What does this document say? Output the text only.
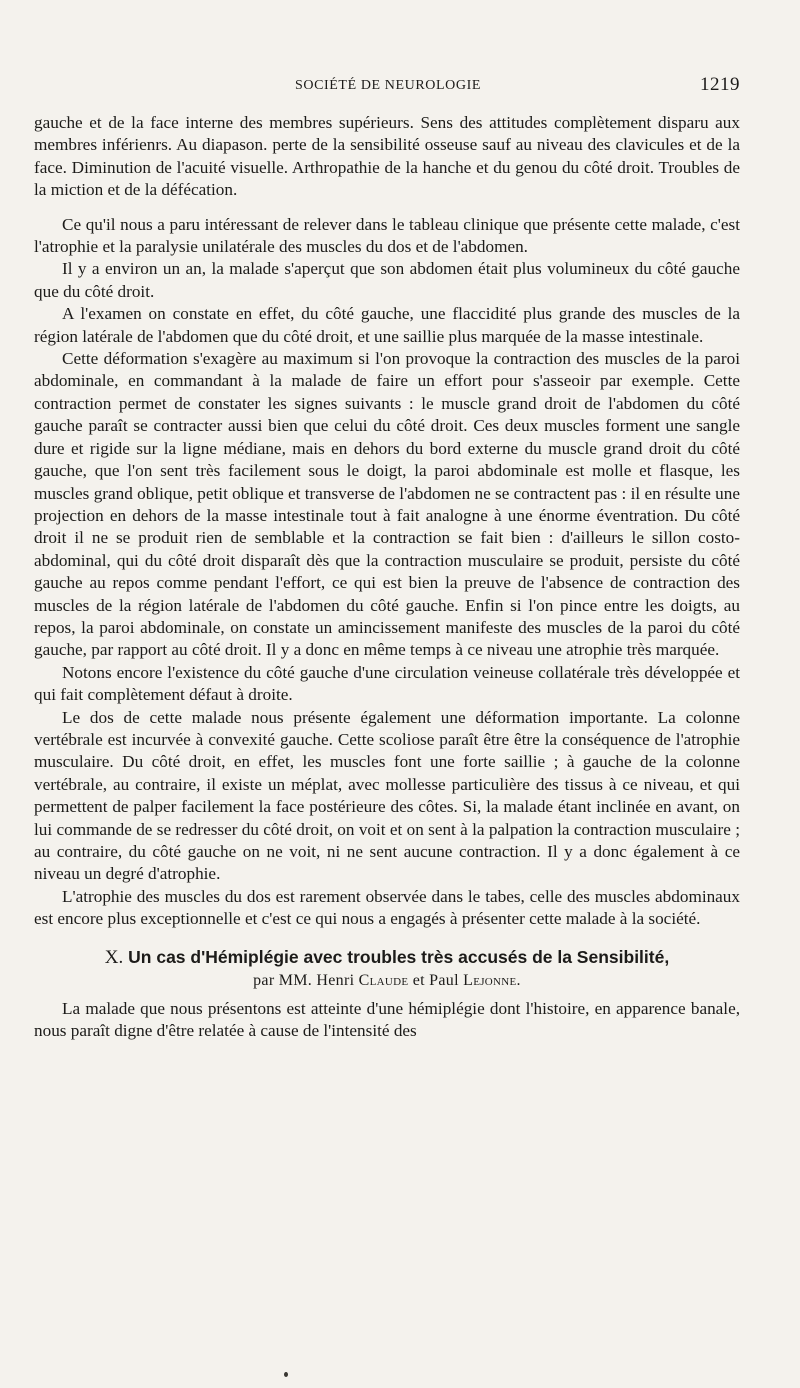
SOCIÉTÉ DE NEUROLOGIE	1219

gauche et de la face interne des membres supérieurs. Sens des attitudes complètement disparu aux membres inférienrs. Au diapason. perte de la sensibilité osseuse sauf au niveau des clavicules et de la face. Diminution de l'acuité visuelle. Arthropathie de la hanche et du genou du côté droit. Troubles de la miction et de la défécation.

Ce qu'il nous a paru intéressant de relever dans le tableau clinique que présente cette malade, c'est l'atrophie et la paralysie unilatérale des muscles du dos et de l'abdomen.

Il y a environ un an, la malade s'aperçut que son abdomen était plus volumineux du côté gauche que du côté droit.

A l'examen on constate en effet, du côté gauche, une flaccidité plus grande des muscles de la région latérale de l'abdomen que du côté droit, et une saillie plus marquée de la masse intestinale.

Cette déformation s'exagère au maximum si l'on provoque la contraction des muscles de la paroi abdominale, en commandant à la malade de faire un effort pour s'asseoir par exemple. Cette contraction permet de constater les signes suivants : le muscle grand droit de l'abdomen du côté gauche paraît se contracter aussi bien que celui du côté droit. Ces deux muscles forment une sangle dure et rigide sur la ligne médiane, mais en dehors du bord externe du muscle grand droit du côté gauche, que l'on sent très facilement sous le doigt, la paroi abdominale est molle et flasque, les muscles grand oblique, petit oblique et transverse de l'abdomen ne se contractent pas : il en résulte une projection en dehors de la masse intestinale tout à fait analogne à une énorme éventration. Du côté droit il ne se produit rien de semblable et la contraction se fait bien : d'ailleurs le sillon costo-abdominal, qui du côté droit disparaît dès que la contraction musculaire se produit, persiste du côté gauche au repos comme pendant l'effort, ce qui est bien la preuve de l'absence de contraction des muscles de la région latérale de l'abdomen du côté gauche. Enfin si l'on pince entre les doigts, au repos, la paroi abdominale, on constate un amincissement manifeste des muscles de la paroi du côté gauche, par rapport au côté droit. Il y a donc en même temps à ce niveau une atrophie très marquée.

Notons encore l'existence du côté gauche d'une circulation veineuse collatérale très développée et qui fait complètement défaut à droite.

Le dos de cette malade nous présente également une déformation importante. La colonne vertébrale est incurvée à convexité gauche. Cette scoliose paraît être être la conséquence de l'atrophie musculaire. Du côté droit, en effet, les muscles font une forte saillie ; à gauche de la colonne vertébrale, au contraire, il existe un méplat, avec mollesse particulière des tissus à ce niveau, et qui permettent de palper facilement la face postérieure des côtes. Si, la malade étant inclinée en avant, on lui commande de se redresser du côté droit, on voit et on sent à la palpation la contraction musculaire ; au contraire, du côté gauche on ne voit, ni ne sent aucune contraction. Il y a donc également à ce niveau un degré d'atrophie.

L'atrophie des muscles du dos est rarement observée dans le tabes, celle des muscles abdominaux est encore plus exceptionnelle et c'est ce qui nous a engagés à présenter cette malade à la société.

X. Un cas d'Hémiplégie avec troubles très accusés de la Sensibilité,
par MM. Henri Claude et Paul Lejonne.

La malade que nous présentons est atteinte d'une hémiplégie dont l'histoire, en apparence banale, nous paraît digne d'être relatée à cause de l'intensité des
